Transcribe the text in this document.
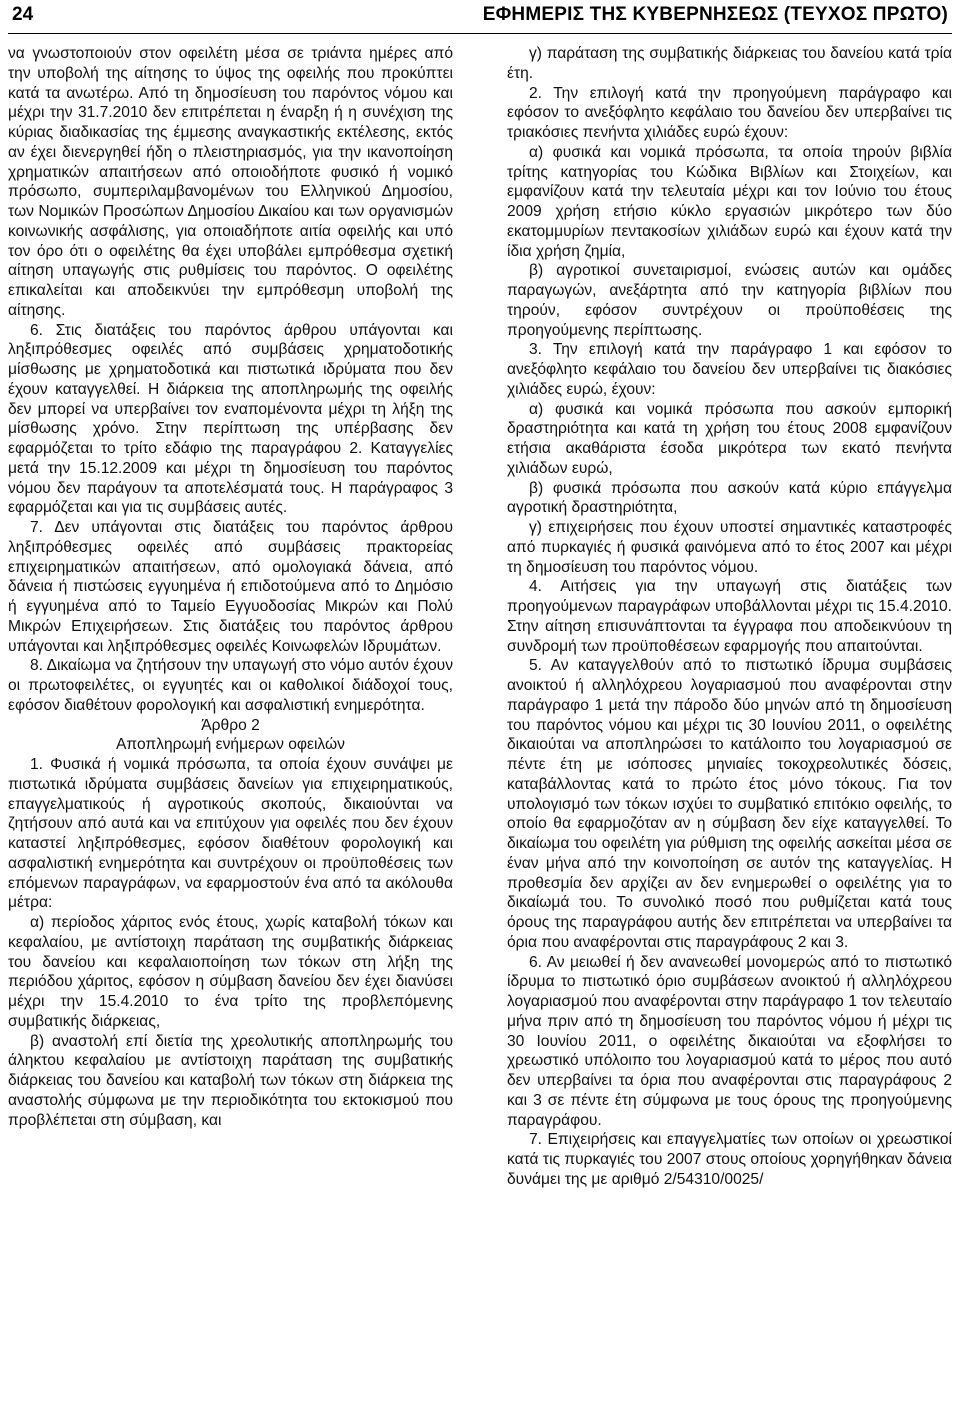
24	ΕΦΗΜΕΡΙΣ ΤΗΣ ΚΥΒΕΡΝΗΣΕΩΣ (ΤΕΥΧΟΣ ΠΡΩΤΟ)

να γνωστοποιούν στον οφειλέτη μέσα σε τριάντα ημέρες από την υποβολή της αίτησης το ύψος της οφειλής που προκύπτει κατά τα ανωτέρω. Από τη δημοσίευση του παρόντος νόμου και μέχρι την 31.7.2010 δεν επιτρέπεται η έναρξη ή η συνέχιση της κύριας διαδικασίας της έμμεσης αναγκαστικής εκτέλεσης, εκτός αν έχει διενεργηθεί ήδη ο πλειστηριασμός, για την ικανοποίηση χρηματικών απαιτήσεων από οποιοδήποτε φυσικό ή νομικό πρόσωπο, συμπεριλαμβανομένων του Ελληνικού Δημοσίου, των Νομικών Προσώπων Δημοσίου Δικαίου και των οργανισμών κοινωνικής ασφάλισης, για οποιαδήποτε αιτία οφειλής και υπό τον όρο ότι ο οφειλέτης θα έχει υποβάλει εμπρόθεσμα σχετική αίτηση υπαγωγής στις ρυθμίσεις του παρόντος. Ο οφειλέτης επικαλείται και αποδεικνύει την εμπρόθεσμη υποβολή της αίτησης.

6. Στις διατάξεις του παρόντος άρθρου υπάγονται και ληξιπρόθεσμες οφειλές από συμβάσεις χρηματοδοτικής μίσθωσης με χρηματοδοτικά και πιστωτικά ιδρύματα που δεν έχουν καταγγελθεί. Η διάρκεια της αποπληρωμής της οφειλής δεν μπορεί να υπερβαίνει τον εναπομένοντα μέχρι τη λήξη της μίσθωσης χρόνο. Στην περίπτωση της υπέρβασης δεν εφαρμόζεται το τρίτο εδάφιο της παραγράφου 2. Καταγγελίες μετά την 15.12.2009 και μέχρι τη δημοσίευση του παρόντος νόμου δεν παράγουν τα αποτελέσματά τους. Η παράγραφος 3 εφαρμόζεται και για τις συμβάσεις αυτές.

7. Δεν υπάγονται στις διατάξεις του παρόντος άρθρου ληξιπρόθεσμες οφειλές από συμβάσεις πρακτορείας επιχειρηματικών απαιτήσεων, από ομολογιακά δάνεια, από δάνεια ή πιστώσεις εγγυημένα ή επιδοτούμενα από το Δημόσιο ή εγγυημένα από το Ταμείο Εγγυοδοσίας Μικρών και Πολύ Μικρών Επιχειρήσεων. Στις διατάξεις του παρόντος άρθρου υπάγονται και ληξιπρόθεσμες οφειλές Κοινωφελών Ιδρυμάτων.

8. Δικαίωμα να ζητήσουν την υπαγωγή στο νόμο αυτόν έχουν οι πρωτοφειλέτες, οι εγγυητές και οι καθολικοί διάδοχοί τους, εφόσον διαθέτουν φορολογική και ασφαλιστική ενημερότητα.

Άρθρο 2

Αποπληρωμή ενήμερων οφειλών

1. Φυσικά ή νομικά πρόσωπα, τα οποία έχουν συνάψει με πιστωτικά ιδρύματα συμβάσεις δανείων για επιχειρηματικούς, επαγγελματικούς ή αγροτικούς σκοπούς, δικαιούνται να ζητήσουν από αυτά και να επιτύχουν για οφειλές που δεν έχουν καταστεί ληξιπρόθεσμες, εφόσον διαθέτουν φορολογική και ασφαλιστική ενημερότητα και συντρέχουν οι προϋποθέσεις των επόμενων παραγράφων, να εφαρμοστούν ένα από τα ακόλουθα μέτρα:

α) περίοδος χάριτος ενός έτους, χωρίς καταβολή τόκων και κεφαλαίου, με αντίστοιχη παράταση της συμβατικής διάρκειας του δανείου και κεφαλαιοποίηση των τόκων στη λήξη της περιόδου χάριτος, εφόσον η σύμβαση δανείου δεν έχει διανύσει μέχρι την 15.4.2010 το ένα τρίτο της προβλεπόμενης συμβατικής διάρκειας,

β) αναστολή επί διετία της χρεολυτικής αποπληρωμής του άληκτου κεφαλαίου με αντίστοιχη παράταση της συμβατικής διάρκειας του δανείου και καταβολή των τόκων στη διάρκεια της αναστολής σύμφωνα με την περιοδικότητα του εκτοκισμού που προβλέπεται στη σύμβαση, και

γ) παράταση της συμβατικής διάρκειας του δανείου κατά τρία έτη.

2. Την επιλογή κατά την προηγούμενη παράγραφο και εφόσον το ανεξόφλητο κεφάλαιο του δανείου δεν υπερβαίνει τις τριακόσιες πενήντα χιλιάδες ευρώ έχουν:

α) φυσικά και νομικά πρόσωπα, τα οποία τηρούν βιβλία τρίτης κατηγορίας του Κώδικα Βιβλίων και Στοιχείων, και εμφανίζουν κατά την τελευταία μέχρι και τον Ιούνιο του έτους 2009 χρήση ετήσιο κύκλο εργασιών μικρότερο των δύο εκατομμυρίων πεντακοσίων χιλιάδων ευρώ και έχουν κατά την ίδια χρήση ζημία,

β) αγροτικοί συνεταιρισμοί, ενώσεις αυτών και ομάδες παραγωγών, ανεξάρτητα από την κατηγορία βιβλίων που τηρούν, εφόσον συντρέχουν οι προϋποθέσεις της προηγούμενης περίπτωσης.

3. Την επιλογή κατά την παράγραφο 1 και εφόσον το ανεξόφλητο κεφάλαιο του δανείου δεν υπερβαίνει τις διακόσιες χιλιάδες ευρώ, έχουν:

α) φυσικά και νομικά πρόσωπα που ασκούν εμπορική δραστηριότητα και κατά τη χρήση του έτους 2008 εμφανίζουν ετήσια ακαθάριστα έσοδα μικρότερα των εκατό πενήντα χιλιάδων ευρώ,

β) φυσικά πρόσωπα που ασκούν κατά κύριο επάγγελμα αγροτική δραστηριότητα,

γ) επιχειρήσεις που έχουν υποστεί σημαντικές καταστροφές από πυρκαγιές ή φυσικά φαινόμενα από το έτος 2007 και μέχρι τη δημοσίευση του παρόντος νόμου.

4. Αιτήσεις για την υπαγωγή στις διατάξεις των προηγούμενων παραγράφων υποβάλλονται μέχρι τις 15.4.2010. Στην αίτηση επισυνάπτονται τα έγγραφα που αποδεικνύουν τη συνδρομή των προϋποθέσεων εφαρμογής που απαιτούνται.

5. Αν καταγγελθούν από το πιστωτικό ίδρυμα συμβάσεις ανοικτού ή αλληλόχρεου λογαριασμού που αναφέρονται στην παράγραφο 1 μετά την πάροδο δύο μηνών από τη δημοσίευση του παρόντος νόμου και μέχρι τις 30 Ιουνίου 2011, ο οφειλέτης δικαιούται να αποπληρώσει το κατάλοιπο του λογαριασμού σε πέντε έτη με ισόποσες μηνιαίες τοκοχρεολυτικές δόσεις, καταβάλλοντας κατά το πρώτο έτος μόνο τόκους. Για τον υπολογισμό των τόκων ισχύει το συμβατικό επιτόκιο οφειλής, το οποίο θα εφαρμοζόταν αν η σύμβαση δεν είχε καταγγελθεί. Το δικαίωμα του οφειλέτη για ρύθμιση της οφειλής ασκείται μέσα σε έναν μήνα από την κοινοποίηση σε αυτόν της καταγγελίας. Η προθεσμία δεν αρχίζει αν δεν ενημερωθεί ο οφειλέτης για το δικαίωμά του. Το συνολικό ποσό που ρυθμίζεται κατά τους όρους της παραγράφου αυτής δεν επιτρέπεται να υπερβαίνει τα όρια που αναφέρονται στις παραγράφους 2 και 3.

6. Αν μειωθεί ή δεν ανανεωθεί μονομερώς από το πιστωτικό ίδρυμα το πιστωτικό όριο συμβάσεων ανοικτού ή αλληλόχρεου λογαριασμού που αναφέρονται στην παράγραφο 1 τον τελευταίο μήνα πριν από τη δημοσίευση του παρόντος νόμου ή μέχρι τις 30 Ιουνίου 2011, ο οφειλέτης δικαιούται να εξοφλήσει το χρεωστικό υπόλοιπο του λογαριασμού κατά το μέρος που αυτό δεν υπερβαίνει τα όρια που αναφέρονται στις παραγράφους 2 και 3 σε πέντε έτη σύμφωνα με τους όρους της προηγούμενης παραγράφου.

7. Επιχειρήσεις και επαγγελματίες των οποίων οι χρεωστικοί κατά τις πυρκαγιές του 2007 στους οποίους χορηγήθηκαν δάνεια δυνάμει της με αριθμό 2/54310/0025/
